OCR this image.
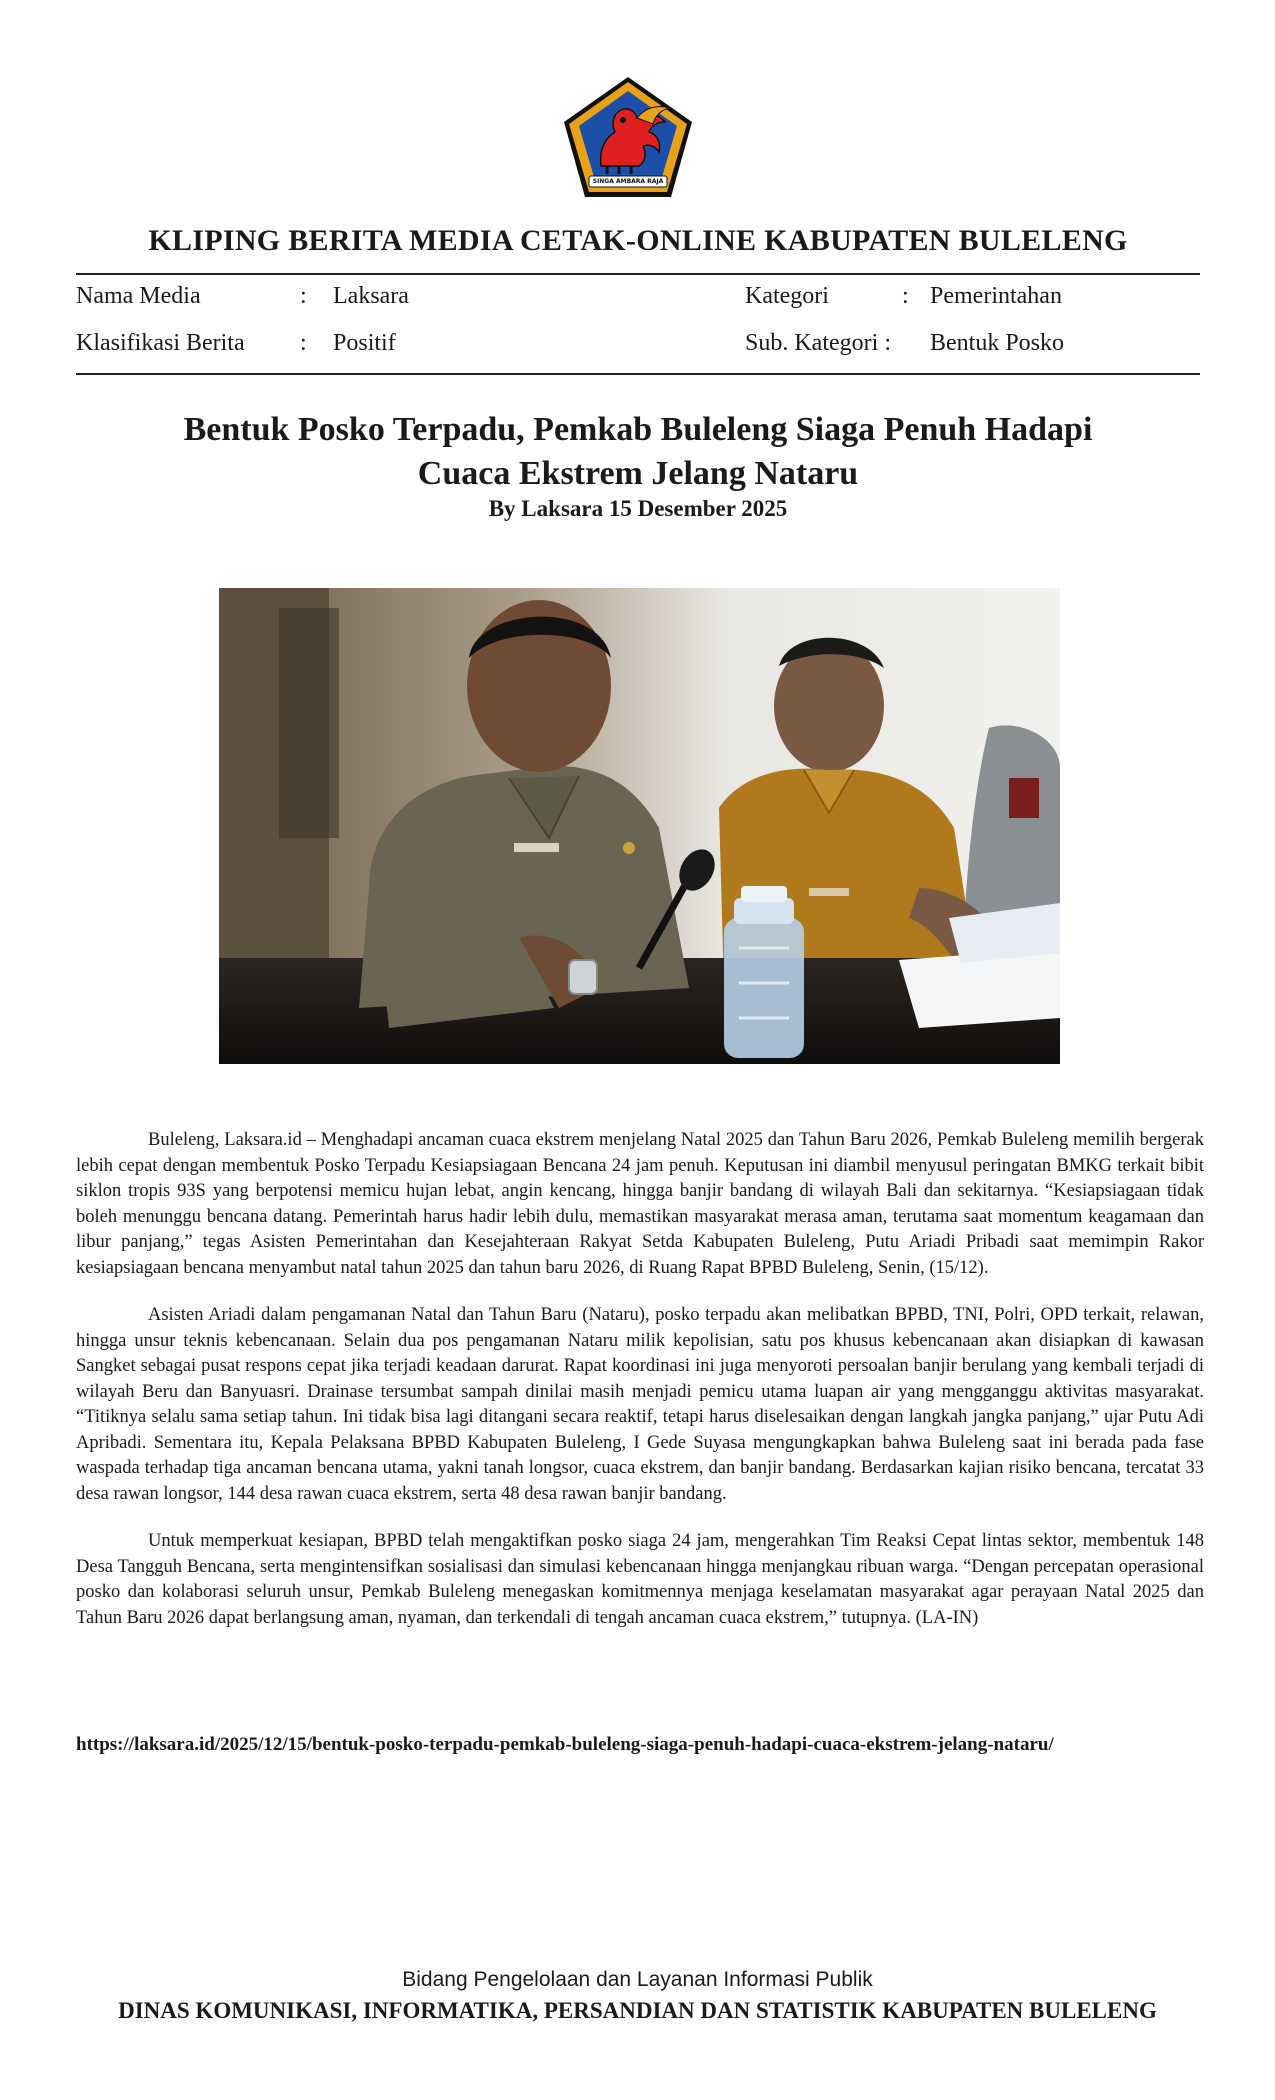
SINGA AMBARA RAJA
KLIPING BERITA MEDIA CETAK-ONLINE KABUPATEN BULELENG
Nama Media	: Laksara	Kategori	: Pemerintahan
Klasifikasi Berita : Positif	Sub. Kategori : Bentuk Posko
Bentuk Posko Terpadu, Pemkab Buleleng Siaga Penuh Hadapi
Cuaca Ekstrem Jelang Nataru
By Laksara 15 Desember 2025

Buleleng, Laksara.id – Menghadapi ancaman cuaca ekstrem menjelang Natal 2025 dan Tahun Baru 2026, Pemkab Buleleng memilih bergerak lebih cepat dengan membentuk Posko Terpadu Kesiapsiagaan Bencana 24 jam penuh. Keputusan ini diambil menyusul peringatan BMKG terkait bibit siklon tropis 93S yang berpotensi memicu hujan lebat, angin kencang, hingga banjir bandang di wilayah Bali dan sekitarnya. “Kesiapsiagaan tidak boleh menunggu bencana datang. Pemerintah harus hadir lebih dulu, memastikan masyarakat merasa aman, terutama saat momentum keagamaan dan libur panjang,” tegas Asisten Pemerintahan dan Kesejahteraan Rakyat Setda Kabupaten Buleleng, Putu Ariadi Pribadi saat memimpin Rakor kesiapsiagaan bencana menyambut natal tahun 2025 dan tahun baru 2026, di Ruang Rapat BPBD Buleleng, Senin, (15/12).

Asisten Ariadi dalam pengamanan Natal dan Tahun Baru (Nataru), posko terpadu akan melibatkan BPBD, TNI, Polri, OPD terkait, relawan, hingga unsur teknis kebencanaan. Selain dua pos pengamanan Nataru milik kepolisian, satu pos khusus kebencanaan akan disiapkan di kawasan Sangket sebagai pusat respons cepat jika terjadi keadaan darurat. Rapat koordinasi ini juga menyoroti persoalan banjir berulang yang kembali terjadi di wilayah Beru dan Banyuasri. Drainase tersumbat sampah dinilai masih menjadi pemicu utama luapan air yang mengganggu aktivitas masyarakat. “Titiknya selalu sama setiap tahun. Ini tidak bisa lagi ditangani secara reaktif, tetapi harus diselesaikan dengan langkah jangka panjang,” ujar Putu Adi Apribadi. Sementara itu, Kepala Pelaksana BPBD Kabupaten Buleleng, I Gede Suyasa mengungkapkan bahwa Buleleng saat ini berada pada fase waspada terhadap tiga ancaman bencana utama, yakni tanah longsor, cuaca ekstrem, dan banjir bandang. Berdasarkan kajian risiko bencana, tercatat 33 desa rawan longsor, 144 desa rawan cuaca ekstrem, serta 48 desa rawan banjir bandang.

Untuk memperkuat kesiapan, BPBD telah mengaktifkan posko siaga 24 jam, mengerahkan Tim Reaksi Cepat lintas sektor, membentuk 148 Desa Tangguh Bencana, serta mengintensifkan sosialisasi dan simulasi kebencanaan hingga menjangkau ribuan warga. “Dengan percepatan operasional posko dan kolaborasi seluruh unsur, Pemkab Buleleng menegaskan komitmennya menjaga keselamatan masyarakat agar perayaan Natal 2025 dan Tahun Baru 2026 dapat berlangsung aman, nyaman, dan terkendali di tengah ancaman cuaca ekstrem,” tutupnya. (LA-IN)

https://laksara.id/2025/12/15/bentuk-posko-terpadu-pemkab-buleleng-siaga-penuh-hadapi-cuaca-ekstrem-jelang-nataru/
Bidang Pengelolaan dan Layanan Informasi Publik
DINAS KOMUNIKASI, INFORMATIKA, PERSANDIAN DAN STATISTIK KABUPATEN BULELENG
